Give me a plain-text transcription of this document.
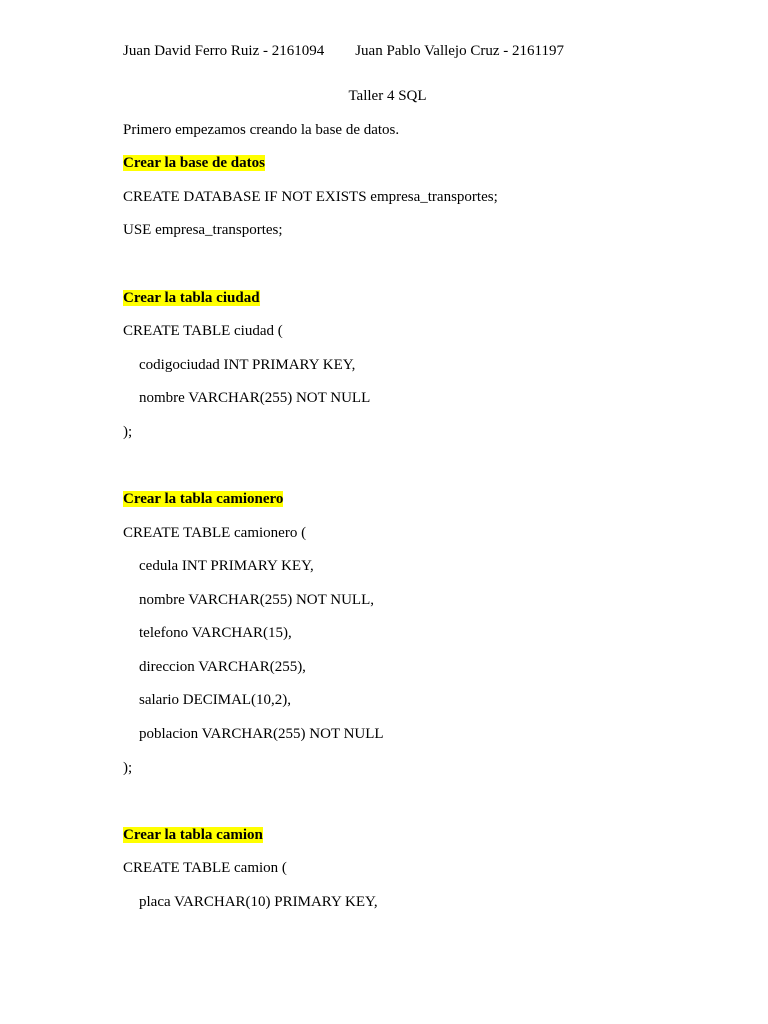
Juan David Ferro Ruiz - 2161094 Juan Pablo Vallejo Cruz - 2161197
Taller 4 SQL
Primero empezamos creando la base de datos.
Crear la base de datos
CREATE DATABASE IF NOT EXISTS empresa_transportes;
USE empresa_transportes;
Crear la tabla ciudad
CREATE TABLE ciudad (
codigociudad INT PRIMARY KEY,
nombre VARCHAR(255) NOT NULL
);
Crear la tabla camionero
CREATE TABLE camionero (
cedula INT PRIMARY KEY,
nombre VARCHAR(255) NOT NULL,
telefono VARCHAR(15),
direccion VARCHAR(255),
salario DECIMAL(10,2),
poblacion VARCHAR(255) NOT NULL
);
Crear la tabla camion
CREATE TABLE camion (
placa VARCHAR(10) PRIMARY KEY,
